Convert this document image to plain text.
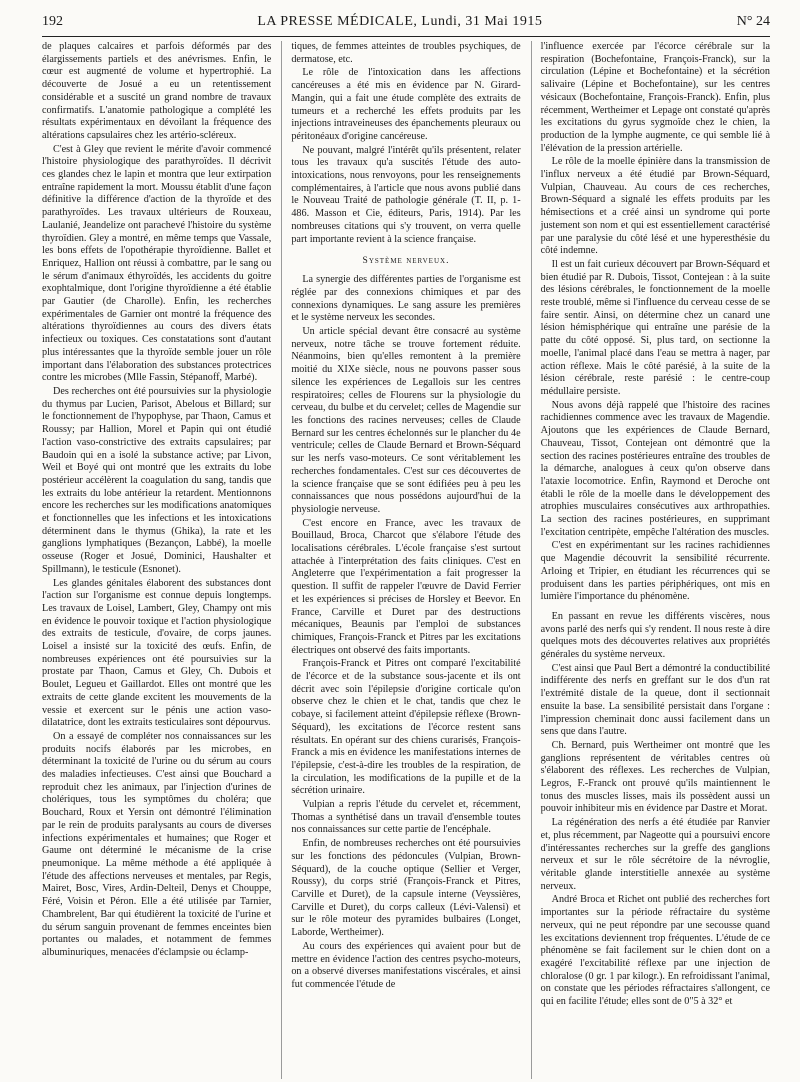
192	LA PRESSE MÉDICALE, Lundi, 31 Mai 1915	N° 24

de plaques calcaires et parfois déformés par des élargissements partiels et des anévrismes. Enfin, le cœur est augmenté de volume et hypertrophié. La découverte de Josué a eu un retentissement considérable et a suscité un grand nombre de travaux confirmatifs. L'anatomie pathologique a complété les résultats expérimentaux en dévoilant la fréquence des altérations capsulaires chez les artério-scléreux.

C'est à Gley que revient le mérite d'avoir commencé l'histoire physiologique des parathyroïdes. Il décrivit ces glandes chez le lapin et montra que leur extirpation entraîne rapidement la mort. Moussu établit d'une façon définitive la différence d'action de la thyroïde et des parathyroïdes. Les travaux ultérieurs de Rouxeau, Laulanié, Jeandelize ont parachevé l'histoire du système thyroïdien. Gley a montré, en même temps que Vassale, les bons effets de l'opothérapie thyroïdienne. Ballet et Enriquez, Hallion ont réussi à combattre, par le sang ou le sérum d'animaux éthyroïdés, les accidents du goitre exophtalmique, dont l'origine thyroïdienne a été établie par Gautier (de Charolle). Enfin, les recherches expérimentales de Garnier ont montré la fréquence des altérations thyroïdiennes au cours des divers états infectieux ou toxiques. Ces constatations sont d'autant plus intéressantes que la thyroïde semble jouer un rôle important dans l'élaboration des substances protectrices contre les microbes (Mlle Fassin, Stépanoff, Marbé).

Des recherches ont été poursuivies sur la physiologie du thymus par Lucien, Parisot, Abelous et Billard; sur le fonctionnement de l'hypophyse, par Thaon, Camus et Roussy; par Hallion, Morel et Papin qui ont étudié l'action vaso-constrictive des extraits capsulaires; par Baudoin qui en a isolé la substance active; par Livon, Weil et Boyé qui ont montré que les extraits du lobe postérieur accélèrent la coagulation du sang, tandis que les extraits du lobe antérieur la retardent. Mentionnons encore les recherches sur les modifications anatomiques et fonctionnelles que les infections et les intoxications déterminent dans le thymus (Ghika), la rate et les ganglions lymphatiques (Bezançon, Labbé), la moelle osseuse (Roger et Josué, Dominici, Haushalter et Spillmann), le testicule (Esnonet).

Les glandes génitales élaborent des substances dont l'action sur l'organisme est connue depuis longtemps. Les travaux de Loisel, Lambert, Gley, Champy ont mis en évidence le pouvoir toxique et l'action physiologique des extraits de testicule, d'ovaire, de corps jaunes. Loisel a insisté sur la toxicité des œufs. Enfin, de nombreuses expériences ont été poursuivies sur la prostate par Thaon, Camus et Gley, Ch. Dubois et Boulet, Legueu et Gaillardot. Elles ont montré que les extraits de cette glande excitent les mouvements de la vessie et exercent sur le pénis une action vaso-dilatatrice, dont les extraits testiculaires sont dépourvus.

On a essayé de compléter nos connaissances sur les produits nocifs élaborés par les microbes, en déterminant la toxicité de l'urine ou du sérum au cours des maladies infectieuses. C'est ainsi que Bouchard a reproduit chez les animaux, par l'injection d'urines de cholériques, tous les symptômes du choléra; que Bouchard, Roux et Yersin ont démontré l'élimination par le rein de produits paralysants au cours de diverses infections expérimentales et humaines; que Roger et Gaume ont déterminé le mécanisme de la crise pneumonique. La même méthode a été appliquée à l'étude des affections nerveuses et mentales, par Regis, Mairet, Bosc, Vires, Ardin-Delteil, Denys et Chouppe, Féré, Voisin et Péron. Elle a été utilisée par Tarnier, Chambrelent, Bar qui étudièrent la toxicité de l'urine et du sérum sanguin provenant de femmes enceintes bien portantes ou malades, et notamment de femmes albuminuriques, menacées d'éclampsie ou éclamp-

tiques, de femmes atteintes de troubles psychiques, de dermatose, etc.

Le rôle de l'intoxication dans les affections cancéreuses a été mis en évidence par N. Girard-Mangin, qui a fait une étude complète des extraits de tumeurs et a recherché les effets produits par les injections intraveineuses des épanchements pleuraux ou péritonéaux d'origine cancéreuse.

Ne pouvant, malgré l'intérêt qu'ils présentent, relater tous les travaux qu'a suscités l'étude des auto-intoxications, nous renvoyons, pour les renseignements complémentaires, à l'article que nous avons publié dans le Nouveau Traité de pathologie générale (T. II, p. 1-486. Masson et Cie, éditeurs, Paris, 1914). Par les nombreuses citations qui s'y trouvent, on verra quelle part importante revient à la science française.

Système nerveux.

La synergie des différentes parties de l'organisme est réglée par des connexions chimiques et par des connexions dynamiques. Le sang assure les premières et le système nerveux les secondes.

Un article spécial devant être consacré au système nerveux, notre tâche se trouve fortement réduite. Néanmoins, bien qu'elles remontent à la première moitié du XIXe siècle, nous ne pouvons passer sous silence les expériences de Legallois sur les centres respiratoires; celles de Flourens sur la physiologie du cerveau, du bulbe et du cervelet; celles de Magendie sur les fonctions des racines nerveuses; celles de Claude Bernard sur les centres échelonnés sur le plancher du 4e ventricule; celles de Claude Bernard et Brown-Séquard sur les nerfs vaso-moteurs. Ce sont véritablement les recherches fondamentales. C'est sur ces découvertes de la science française que se sont édifiées peu à peu les connaissances que nous possédons aujourd'hui de la physiologie nerveuse.

C'est encore en France, avec les travaux de Bouillaud, Broca, Charcot que s'élabore l'étude des localisations cérébrales. L'école française s'est surtout attachée à l'interprétation des faits cliniques. C'est en Angleterre que l'expérimentation a fait progresser la question. Il suffit de rappeler l'œuvre de David Ferrier et les expériences si précises de Horsley et Beevor. En France, Carville et Duret par des destructions mécaniques, Beaunis par l'emploi de substances chimiques, François-Franck et Pitres par les excitations électriques ont observé des faits importants.

François-Franck et Pitres ont comparé l'excitabilité de l'écorce et de la substance sous-jacente et ils ont décrit avec soin l'épilepsie d'origine corticale qu'on observe chez le chien et le chat, tandis que chez le cobaye, si facilement atteint d'épilepsie réflexe (Brown-Séquard), les excitations de l'écorce restent sans résultats. En opérant sur des chiens curarisés, François-Franck a mis en évidence les manifestations internes de l'épilepsie, c'est-à-dire les troubles de la respiration, de la circulation, les modifications de la pupille et de la sécrétion urinaire.

Vulpian a repris l'étude du cervelet et, récemment, Thomas a synthétisé dans un travail d'ensemble toutes nos connaissances sur cette partie de l'encéphale.

Enfin, de nombreuses recherches ont été poursuivies sur les fonctions des pédoncules (Vulpian, Brown-Séquard), de la couche optique (Sellier et Verger, Roussy), du corps strié (François-Franck et Pitres, Carville et Duret), de la capsule interne (Veyssières, Carville et Duret), du corps calleux (Lévi-Valensi) et sur le rôle moteur des pyramides bulbaires (Longet, Laborde, Wertheimer).

Au cours des expériences qui avaient pour but de mettre en évidence l'action des centres psycho-moteurs, on a observé diverses manifestations viscérales, et ainsi fut commencée l'étude de

l'influence exercée par l'écorce cérébrale sur la respiration (Bochefontaine, François-Franck), sur la circulation (Lépine et Bochefontaine) et la sécrétion salivaire (Lépine et Bochefontaine), sur les centres vésicaux (Bochefontaine, François-Franck). Enfin, plus récemment, Wertheimer et Lepage ont constaté qu'après les excitations du gyrus sygmoïde chez le chien, la production de la lymphe augmente, ce qui semble lié à l'élévation de la pression artérielle.

Le rôle de la moelle épinière dans la transmission de l'influx nerveux a été étudié par Brown-Séquard, Vulpian, Chauveau. Au cours de ces recherches, Brown-Séquard a signalé les effets produits par les hémisections et a créé ainsi un syndrome qui porte justement son nom et qui est essentiellement caractérisé par une paralysie du côté lésé et une hyperesthésie du côté indemne.

Il est un fait curieux découvert par Brown-Séquard et bien étudié par R. Dubois, Tissot, Contejean : à la suite des lésions cérébrales, le fonctionnement de la moelle reste troublé, même si l'influence du cerveau cesse de se faire sentir. Ainsi, on détermine chez un canard une lésion hémisphérique qui entraîne une parésie de la patte du côté opposé. Si, plus tard, on sectionne la moelle, l'animal placé dans l'eau se mettra à nager, par action réflexe. Mais le côté parésié, à la suite de la lésion cérébrale, reste parésié : le centre-coup médullaire persiste.

Nous avons déjà rappelé que l'histoire des racines rachidiennes commence avec les travaux de Magendie. Ajoutons que les expériences de Claude Bernard, Chauveau, Tissot, Contejean ont démontré que la section des racines postérieures entraîne des troubles de la démarche, analogues à ceux qu'on observe dans l'ataxie locomotrice. Enfin, Raymond et Deroche ont établi le rôle de la moelle dans le développement des atrophies musculaires consécutives aux arthropathies. La section des racines postérieures, en supprimant l'excitation centripète, empêche l'altération des muscles.

C'est en expérimentant sur les racines rachidiennes que Magendie découvrit la sensibilité récurrente. Arloing et Tripier, en étudiant les récurrences qui se produisent dans les parties périphériques, ont mis en lumière l'importance du phénomène.

En passant en revue les différents viscères, nous avons parlé des nerfs qui s'y rendent. Il nous reste à dire quelques mots des découvertes relatives aux propriétés générales du système nerveux.

C'est ainsi que Paul Bert a démontré la conductibilité indifférente des nerfs en greffant sur le dos d'un rat l'extrémité distale de la queue, dont il sectionnait ensuite la base. La sensibilité persistait dans l'organe : l'impression cheminait donc aussi facilement dans un sens que dans l'autre.

Ch. Bernard, puis Wertheimer ont montré que les ganglions représentent de véritables centres où s'élaborent des réflexes. Les recherches de Vulpian, Legros, F.-Franck ont prouvé qu'ils maintiennent le tonus des muscles lisses, mais ils possèdent aussi un pouvoir inhibiteur mis en évidence par Dastre et Morat.

La régénération des nerfs a été étudiée par Ranvier et, plus récemment, par Nageotte qui a poursuivi encore d'intéressantes recherches sur la greffe des ganglions nerveux et sur le rôle sécrétoire de la névroglie, véritable glande interstitielle annexée au système nerveux.

André Broca et Richet ont publié des recherches fort importantes sur la période réfractaire du système nerveux, qui ne peut répondre par une secousse quand les excitations deviennent trop fréquentes. L'étude de ce phénomène se fait facilement sur le chien dont on a exagéré l'excitabilité réflexe par une injection de chloralose (0 gr. 1 par kilogr.). En refroidissant l'animal, on constate que les périodes réfractaires s'allongent, ce qui en facilite l'étude; elles sont de 0"5 à 32° et
